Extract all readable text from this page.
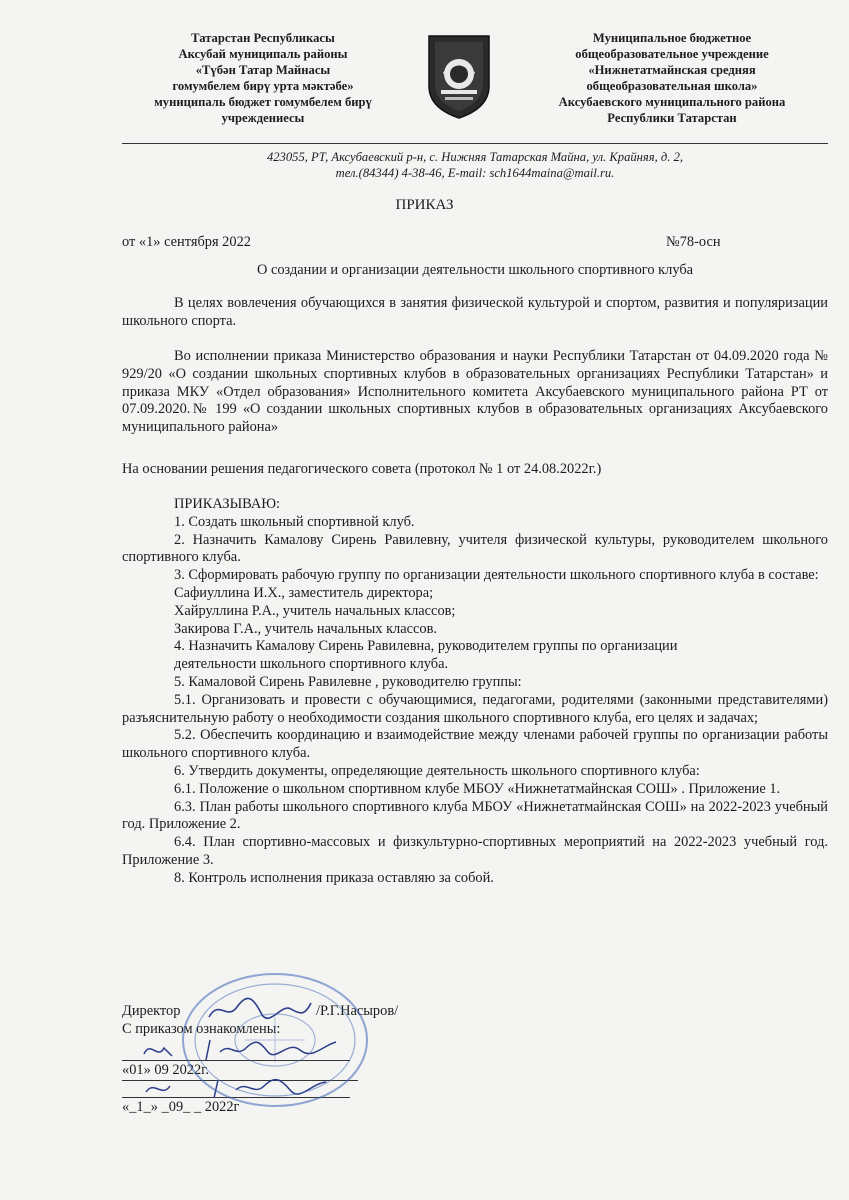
Татарстан Республикасы
Аксубай муниципаль районы
«Түбән Татар Майнасы
гомумбелем бирү урта мәктәбе»
муниципаль бюджет гомумбелем бирү
учреждениесы
Муниципальное бюджетное
общеобразовательное учреждение
«Нижнетатмайнская средняя
общеобразовательная школа»
Аксубаевского муниципального района
Республики Татарстан
423055, РТ, Аксубаевский р-н, с. Нижняя Татарская Майна, ул. Крайняя, д. 2,
тел.(84344) 4-38-46, E-mail: sch1644maina@mail.ru.
ПРИКАЗ
от «1» сентября 2022	№78-осн
О создании и организации деятельности школьного спортивного клуба

В целях вовлечения обучающихся в занятия физической культурой и спортом, развития и популяризации школьного спорта.

Во исполнении приказа Министерство образования и науки Республики Татарстан от 04.09.2020 года № 929/20 «О создании школьных спортивных клубов в образовательных организациях Республики Татарстан» и приказа МКУ «Отдел образования» Исполнительного комитета Аксубаевского муниципального района РТ от 07.09.2020.№ 199 «О создании школьных спортивных клубов в образовательных организациях Аксубаевского муниципального района»

На основании решения педагогического совета (протокол № 1 от 24.08.2022г.)

ПРИКАЗЫВАЮ:

1. Создать школьный спортивной клуб.

2. Назначить Камалову Сирень Равилевну, учителя физической культуры, руководителем школьного спортивного клуба.

3. Сформировать рабочую группу по организации деятельности школьного спортивного клуба в составе:

Сафиуллина И.Х., заместитель директора;

Хайруллина Р.А., учитель начальных классов;

Закирова Г.А., учитель начальных классов.

4. Назначить Камалову Сирень Равилевна, руководителем группы по организации

деятельности школьного спортивного клуба.

5. Камаловой Сирень Равилевне , руководителю группы:

5.1. Организовать и провести с обучающимися, педагогами, родителями (законными представителями) разъяснительную работу о необходимости создания школьного спортивного клуба, его целях и задачах;

5.2. Обеспечить координацию и взаимодействие между членами рабочей группы по организации работы школьного спортивного клуба.

6. Утвердить документы, определяющие деятельность школьного спортивного клуба:

6.1. Положение о школьном спортивном клубе МБОУ «Нижнетатмайнская СОШ» . Приложение 1.

6.3. План работы школьного спортивного клуба МБОУ «Нижнетатмайнская СОШ» на 2022-2023 учебный год. Приложение 2.

6.4. План спортивно-массовых и физкультурно-спортивных мероприятий на 2022-2023 учебный год. Приложение 3.

8. Контроль исполнения приказа оставляю за собой.

Директор	/Р.Г.Насыров/
С приказом ознакомлены:
«01» 09 2022г.
«_1_» _09_ _ 2022г
